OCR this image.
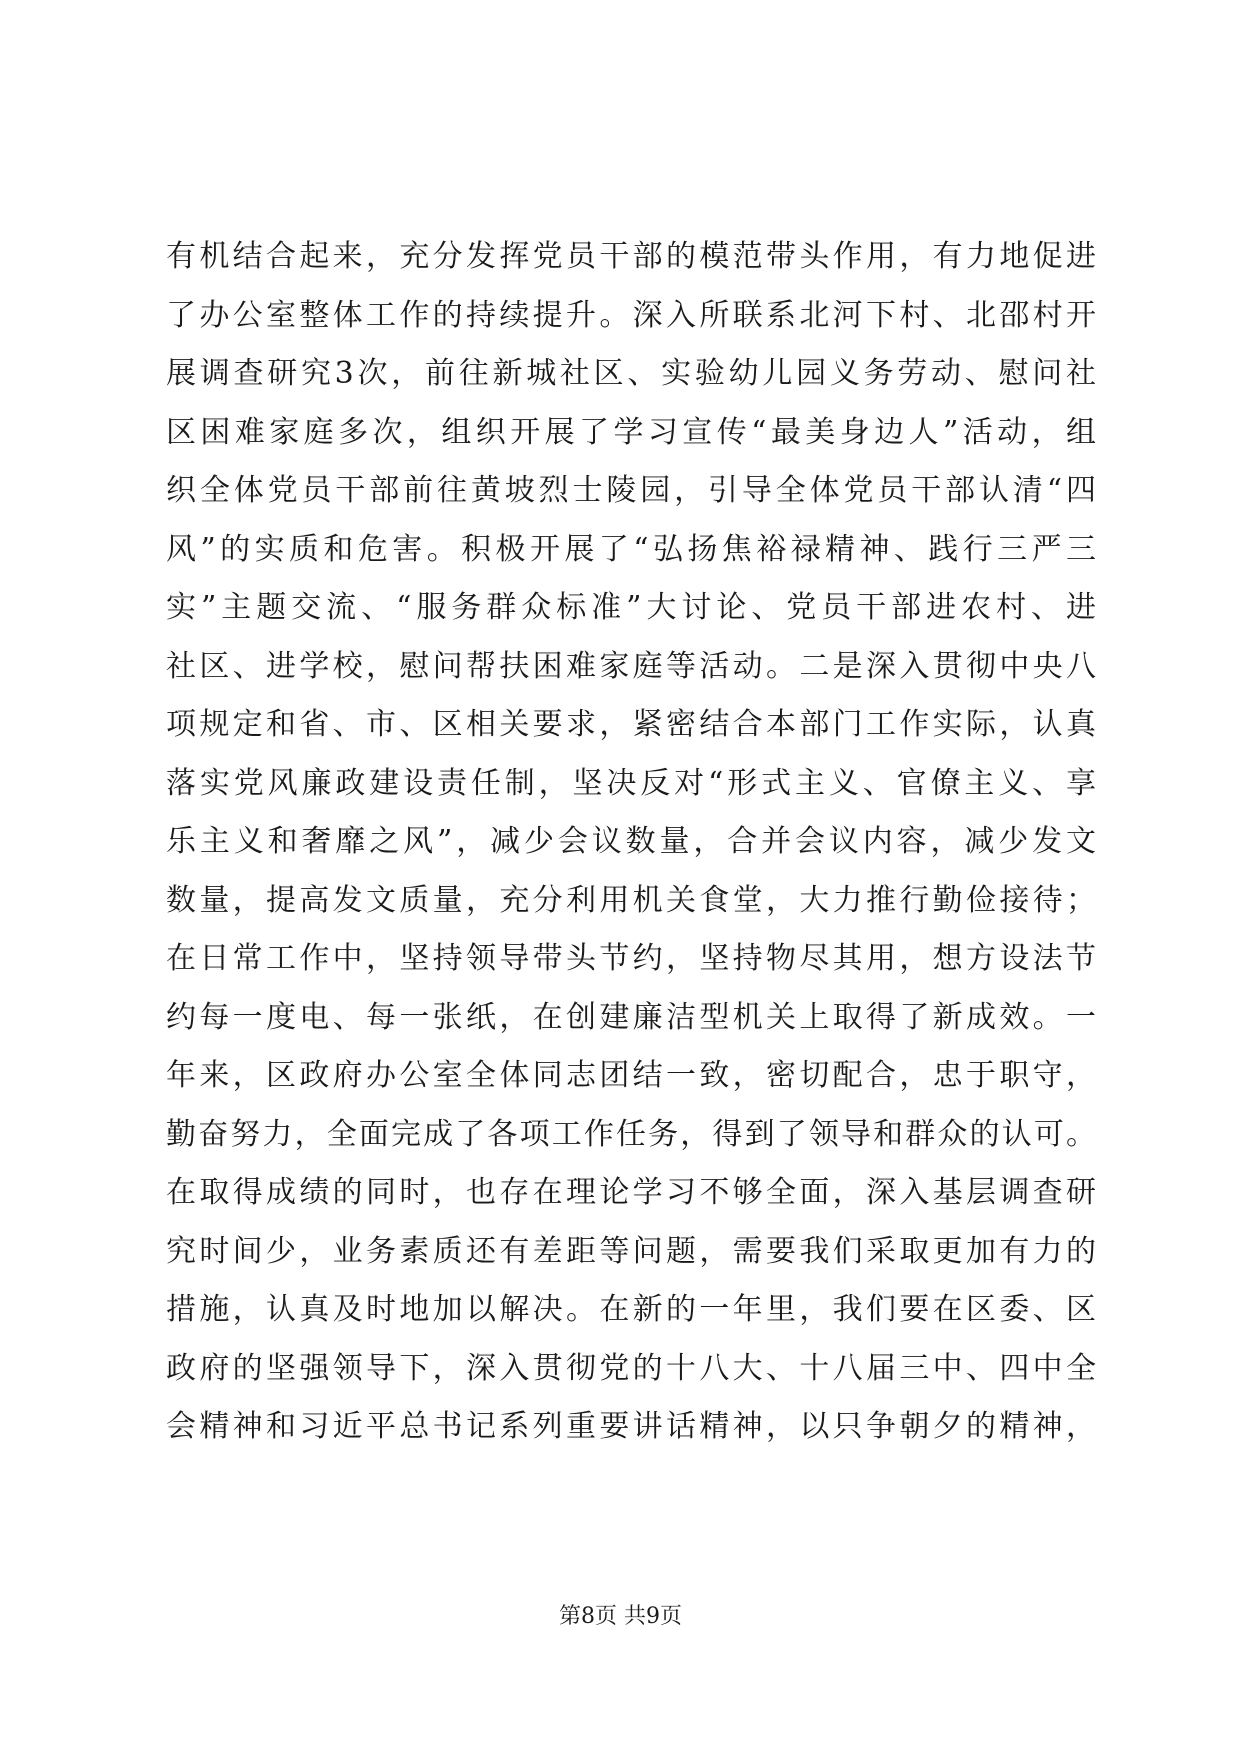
有机结合起来，充分发挥党员干部的模范带头作用，有力地促进
了办公室整体工作的持续提升。深入所联系北河下村、北邵村开
展调查研究3次，前往新城社区、实验幼儿园义务劳动、慰问社
区困难家庭多次，组织开展了学习宣传“最美身边人”活动，组
织全体党员干部前往黄坡烈士陵园，引导全体党员干部认清“四
风”的实质和危害。积极开展了“弘扬焦裕禄精神、践行三严三
实”主题交流、“服务群众标准”大讨论、党员干部进农村、进
社区、进学校，慰问帮扶困难家庭等活动。二是深入贯彻中央八
项规定和省、市、区相关要求，紧密结合本部门工作实际，认真
落实党风廉政建设责任制，坚决反对“形式主义、官僚主义、享
乐主义和奢靡之风”，减少会议数量，合并会议内容，减少发文
数量，提高发文质量，充分利用机关食堂，大力推行勤俭接待；
在日常工作中，坚持领导带头节约，坚持物尽其用，想方设法节
约每一度电、每一张纸，在创建廉洁型机关上取得了新成效。一
年来，区政府办公室全体同志团结一致，密切配合，忠于职守，
勤奋努力，全面完成了各项工作任务，得到了领导和群众的认可。
在取得成绩的同时，也存在理论学习不够全面，深入基层调查研
究时间少，业务素质还有差距等问题，需要我们采取更加有力的
措施，认真及时地加以解决。在新的一年里，我们要在区委、区
政府的坚强领导下，深入贯彻党的十八大、十八届三中、四中全
会精神和习近平总书记系列重要讲话精神，以只争朝夕的精神，
第8页 共9页
